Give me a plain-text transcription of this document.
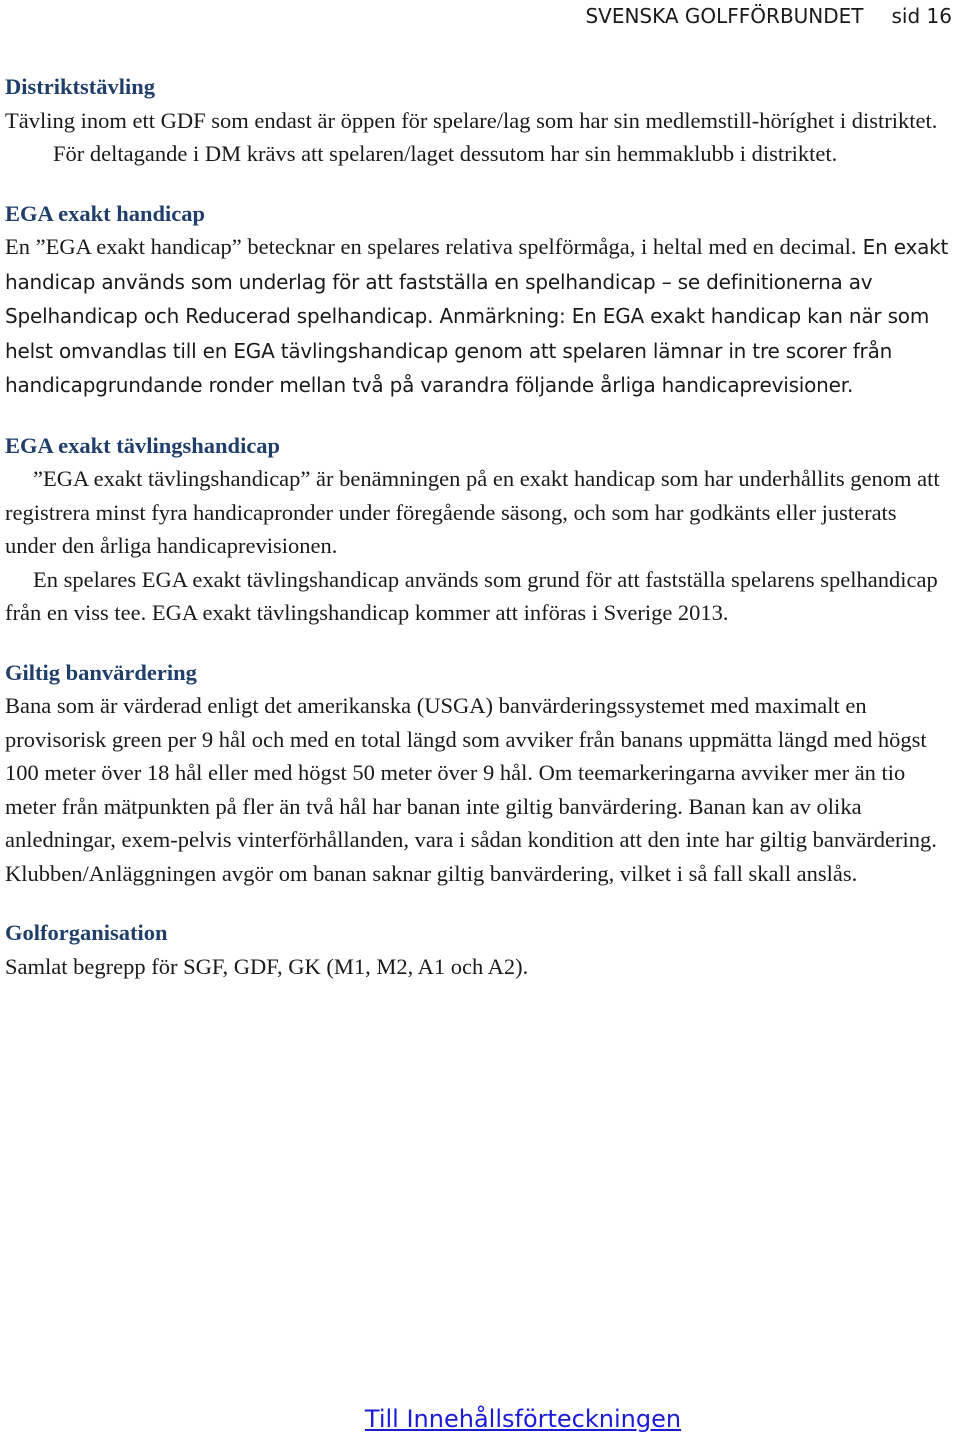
SVENSKA GOLFFÖRBUNDET sid 16

Distriktstävling

Tävling inom ett GDF som endast är öppen för spelare/lag som har sin medlemstill-höríghet i distriktet.

För deltagande i DM krävs att spelaren/laget dessutom har sin hemmaklubb i distriktet.

EGA exakt handicap

En ”EGA exakt handicap” betecknar en spelares relativa spelförmåga, i heltal med en decimal. En exakt handicap används som underlag för att fastställa en spelhandicap – se definitionerna av Spelhandicap och Reducerad spelhandicap. Anmärkning: En EGA exakt handicap kan när som helst omvandlas till en EGA tävlingshandicap genom att spelaren lämnar in tre scorer från handicapgrundande ronder mellan två på varandra följande årliga handicaprevisioner.

EGA exakt tävlingshandicap

”EGA exakt tävlingshandicap” är benämningen på en exakt handicap som har underhållits genom att registrera minst fyra handicapronder under föregående säsong, och som har godkänts eller justerats under den årliga handicaprevisionen.

En spelares EGA exakt tävlingshandicap används som grund för att fastställa spelarens spelhandicap från en viss tee. EGA exakt tävlingshandicap kommer att införas i Sverige 2013.

Giltig banvärdering

Bana som är värderad enligt det amerikanska (USGA) banvärderingssystemet med maximalt en provisorisk green per 9 hål och med en total längd som avviker från banans uppmätta längd med högst 100 meter över 18 hål eller med högst 50 meter över 9 hål. Om teemarkeringarna avviker mer än tio meter från mätpunkten på fler än två hål har banan inte giltig banvärdering. Banan kan av olika anledningar, exem-pelvis vinterförhållanden, vara i sådan kondition att den inte har giltig banvärdering. Klubben/Anläggningen avgör om banan saknar giltig banvärdering, vilket i så fall skall anslås.

Golforganisation

Samlat begrepp för SGF, GDF, GK (M1, M2, A1 och A2).

Till Innehållsförteckningen
